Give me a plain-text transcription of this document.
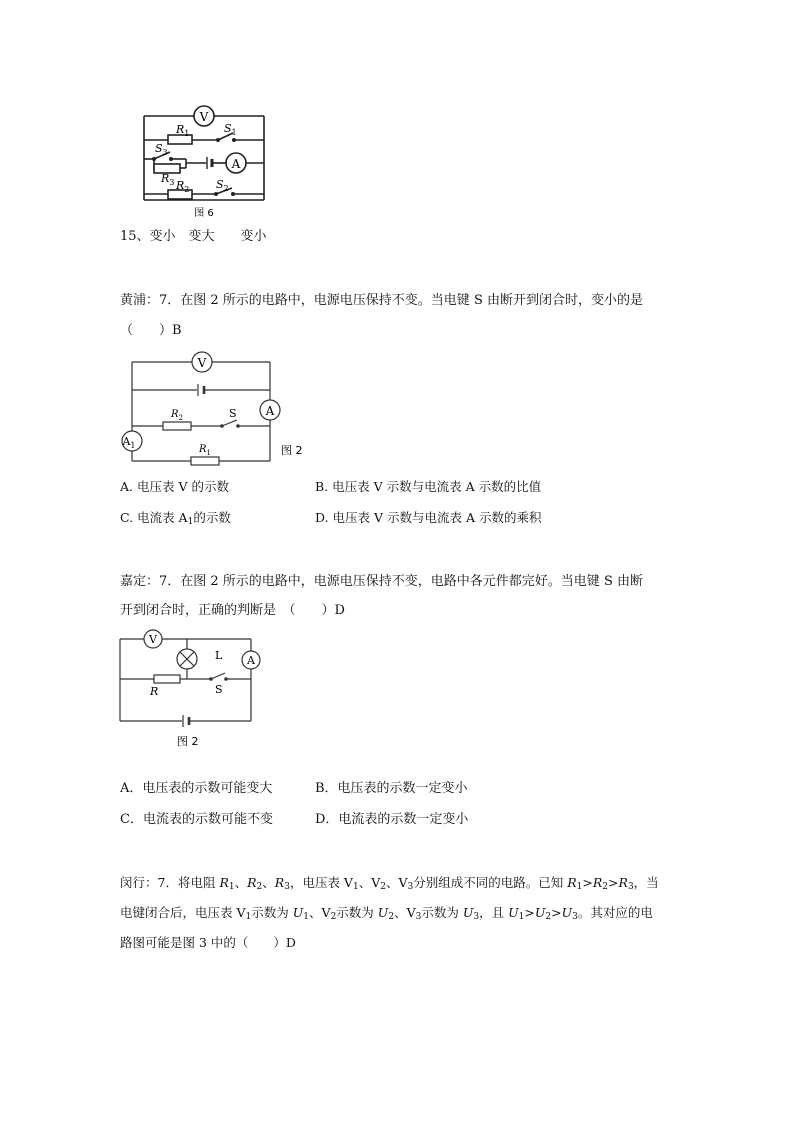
V
A
$R_1$	$S_1$
$S_3$
$R_3$ $R_2$ $S_2$
图 6
15、变小　变大　　变小
黄浦：7．在图 2 所示的电路中，电源电压保持不变。当电键 S 由断开到闭合时，变小的是
（　　）B
V
A
$A_1$
$R_2$	S
$R_1$	图 2
A. 电压表 V 的示数	B. 电压表 V 示数与电流表 A 示数的比值
C. 电流表 $A_1$的示数	D. 电压表 V 示数与电流表 A 示数的乘积
嘉定：7．在图 2 所示的电路中，电源电压保持不变，电路中各元件都完好。当电键 S 由断
开到闭合时，正确的判断是　（　　）D
V
L A
R	S
图 2
A．电压表的示数可能变大	B．电压表的示数一定变小
C．电流表的示数可能不变	D．电流表的示数一定变小
闵行：7．将电阻 $R_1$、$R_2$、$R_3$，电压表 $V_1$、$V_2$、$V_3$分别组成不同的电路。已知 $R_1>R_2>R_3$，当
电键闭合后，电压表 $V_1$示数为 $U_1$、$V_2$示数为 $U_2$、$V_3$示数为 $U_3$，且 $U_1>U_2>U_3$。其对应的电
路图可能是图 3 中的（　　）D
